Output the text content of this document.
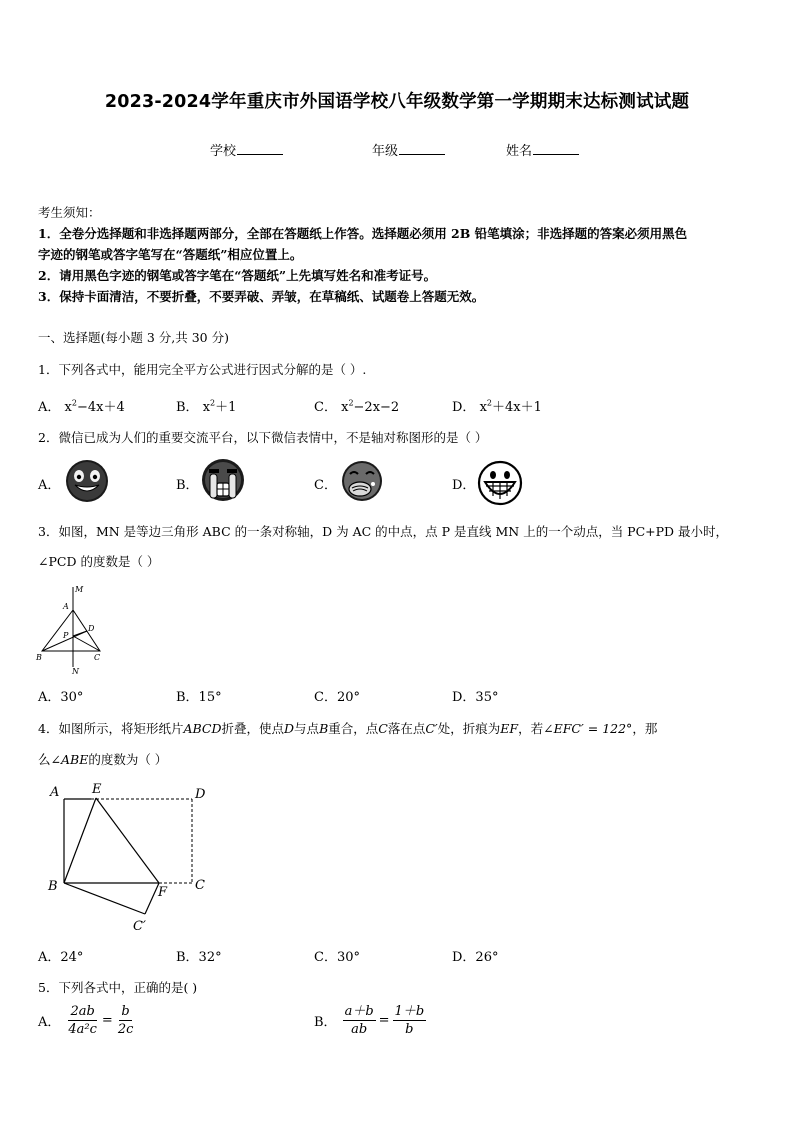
2023-2024学年重庆市外国语学校八年级数学第一学期期末达标测试试题
学校	年级	姓名
考生须知：
1．全卷分选择题和非选择题两部分，全部在答题纸上作答。选择题必须用 2B 铅笔填涂；非选择题的答案必须用黑色
字迹的钢笔或答字笔写在“答题纸”相应位置上。
2．请用黑色字迹的钢笔或答字笔在“答题纸”上先填写姓名和准考证号。
3．保持卡面清洁，不要折叠，不要弄破、弄皱，在草稿纸、试题卷上答题无效。
一、选择题(每小题 3 分,共 30 分)
1．下列各式中，能用完全平方公式进行因式分解的是（ ）.
A． $x^2-4x+4$	B． $x^2+1$	C． $x^2-2x-2$	D． $x^2+4x+1$
2．微信已成为人们的重要交流平台，以下微信表情中，不是轴对称图形的是（ ）
A．	B．	C．	D．
3．如图，MN 是等边三角形 ABC 的一条对称轴，D 为 AC 的中点，点 P 是直线 MN 上的一个动点，当 PC+PD 最小时，
∠PCD 的度数是（ ）
M
A
P
D
B	C
N
A．30°	B．15°	C．20°	D．35°
4．如图所示，将矩形纸片ABCD折叠，使点D与点B重合，点C落在点C′处，折痕为EF，若∠EFC′ = 122°，那
么∠ABE的度数为（ ）
A	E	D
B	F C
C′
A．24°	B．32°	C．30°	D．26°
5．下列各式中，正确的是( )
A． $\frac{2ab}{\text{4a²c}} = \frac{b}{2c}$	B． $\frac{a+b}{ab} = \frac{1+b}{b}$
